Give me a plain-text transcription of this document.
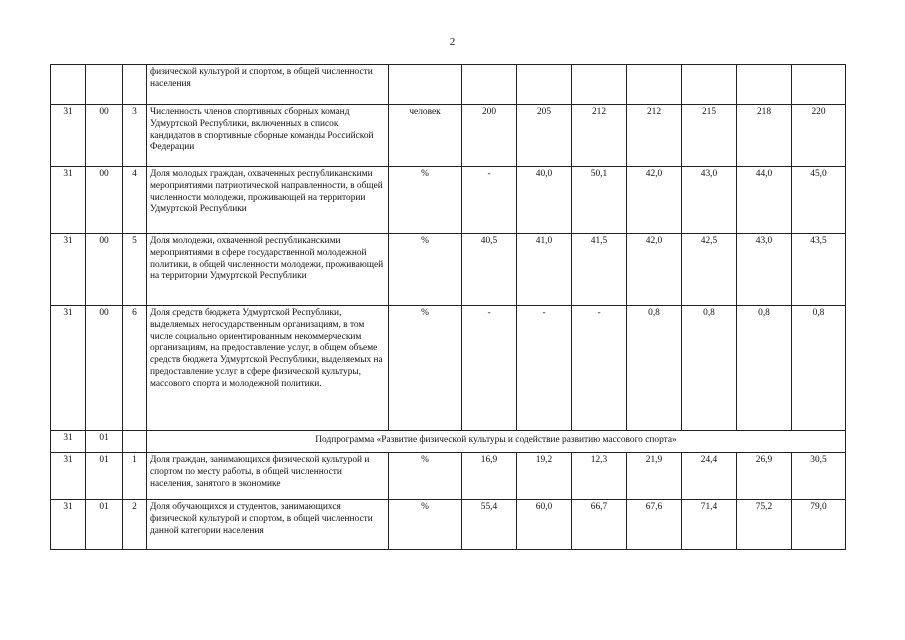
2
			физической культурой и спортом, в общей численности населения								
31	00	3	Численность членов спортивных сборных команд Удмуртской Республики, включенных в список кандидатов в спортивные сборные команды Российской Федерации	человек	200	205	212	212	215	218	220
31	00	4	Доля молодых граждан, охваченных республиканскими мероприятиями патриотической направленности, в общей численности молодежи, проживающей на территории Удмуртской Республики	%	-	40,0	50,1	42,0	43,0	44,0	45,0
31	00	5	Доля молодежи, охваченной республиканскими мероприятиями в сфере государственной молодежной политики, в общей численности молодежи, проживающей на территории Удмуртской Республики	%	40,5	41,0	41,5	42,0	42,5	43,0	43,5
31	00	6	Доля средств бюджета Удмуртской Республики, выделяемых негосударственным организациям, в том числе социально ориентированным некоммерческим организациям, на предоставление услуг, в общем объеме средств бюджета Удмуртской Республики, выделяемых на предоставление услуг в сфере физической культуры, массового спорта и молодежной политики.	%	-	-	-	0,8	0,8	0,8	0,8
31	01		Подпрограмма «Развитие физической культуры и содействие развитию массового спорта»								
31	01	1	Доля граждан, занимающихся физической культурой и спортом по месту работы, в общей численности населения, занятого в экономике	%	16,9	19,2	12,3	21,9	24,4	26,9	30,5
31	01	2	Доля обучающихся и студентов, занимающихся физической культурой и спортом, в общей численности данной категории населения	%	55,4	60,0	66,7	67,6	71,4	75,2	79,0
